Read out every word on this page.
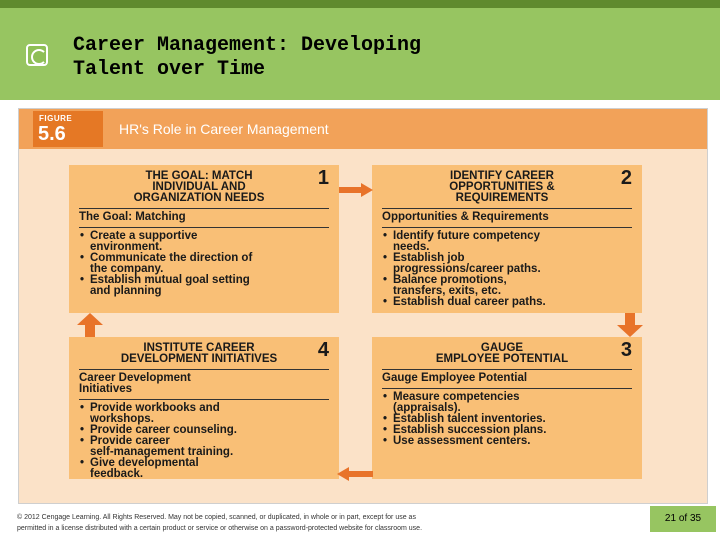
Career Management: Developing
Talent over Time
FIGURE
5.6	HR's Role in Career Management
1
THE GOAL: MATCH
INDIVIDUAL AND
ORGANIZATION NEEDS
The Goal: Matching
• Create a supportive
environment.
• Communicate the direction of
the company.
• Establish mutual goal setting
and planning
2
IDENTIFY CAREER
OPPORTUNITIES &
REQUIREMENTS
Opportunities & Requirements
• Identify future competency
needs.
• Establish job
progressions/career paths.
• Balance promotions,
transfers, exits, etc.
• Establish dual career paths.
4
INSTITUTE CAREER
DEVELOPMENT INITIATIVES
Career Development
Initiatives
• Provide workbooks and
workshops.
• Provide career counseling.
• Provide career
self-management training.
• Give developmental
feedback.
3
GAUGE
EMPLOYEE POTENTIAL
Gauge Employee Potential
• Measure competencies
(appraisals).
• Establish talent inventories.
• Establish succession plans.
• Use assessment centers.
© 2012 Cengage Learning. All Rights Reserved. May not be copied, scanned, or duplicated, in whole or in part, except for use as
permitted in a license distributed with a certain product or service or otherwise on a password-protected website for classroom use.
21 of 35
